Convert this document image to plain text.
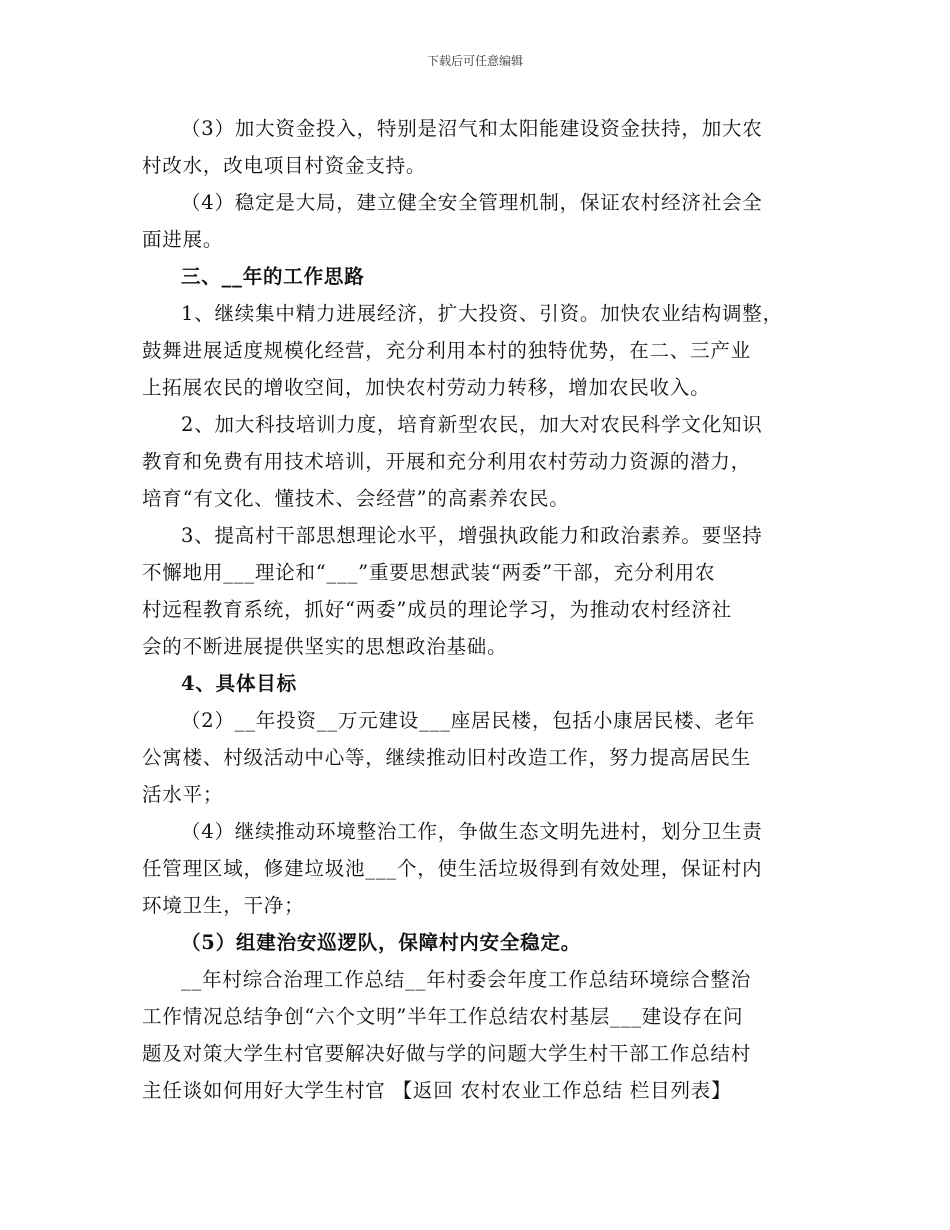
下载后可任意编辑

（3）加大资金投入，特别是沼气和太阳能建设资金扶持，加大农
村改水，改电项目村资金支持。

（4）稳定是大局，建立健全安全管理机制，保证农村经济社会全
面进展。

三、__年的工作思路

1、继续集中精力进展经济，扩大投资、引资。加快农业结构调整，
鼓舞进展适度规模化经营，充分利用本村的独特优势，在二、三产业
上拓展农民的增收空间，加快农村劳动力转移，增加农民收入。

2、加大科技培训力度，培育新型农民，加大对农民科学文化知识
教育和免费有用技术培训，开展和充分利用农村劳动力资源的潜力，
培育“有文化、懂技术、会经营”的高素养农民。

3、提高村干部思想理论水平，增强执政能力和政治素养。要坚持
不懈地用___理论和“___”重要思想武装“两委”干部，充分利用农
村远程教育系统，抓好“两委”成员的理论学习，为推动农村经济社
会的不断进展提供坚实的思想政治基础。

4、具体目标

（2）__年投资__万元建设___座居民楼，包括小康居民楼、老年
公寓楼、村级活动中心等，继续推动旧村改造工作，努力提高居民生
活水平；

（4）继续推动环境整治工作，争做生态文明先进村，划分卫生责
任管理区域，修建垃圾池___个，使生活垃圾得到有效处理，保证村内
环境卫生，干净；

（5）组建治安巡逻队，保障村内安全稳定。

__年村综合治理工作总结__年村委会年度工作总结环境综合整治
工作情况总结争创“六个文明”半年工作总结农村基层___建设存在问
题及对策大学生村官要解决好做与学的问题大学生村干部工作总结村
主任谈如何用好大学生村官 【返回 农村农业工作总结 栏目列表】
